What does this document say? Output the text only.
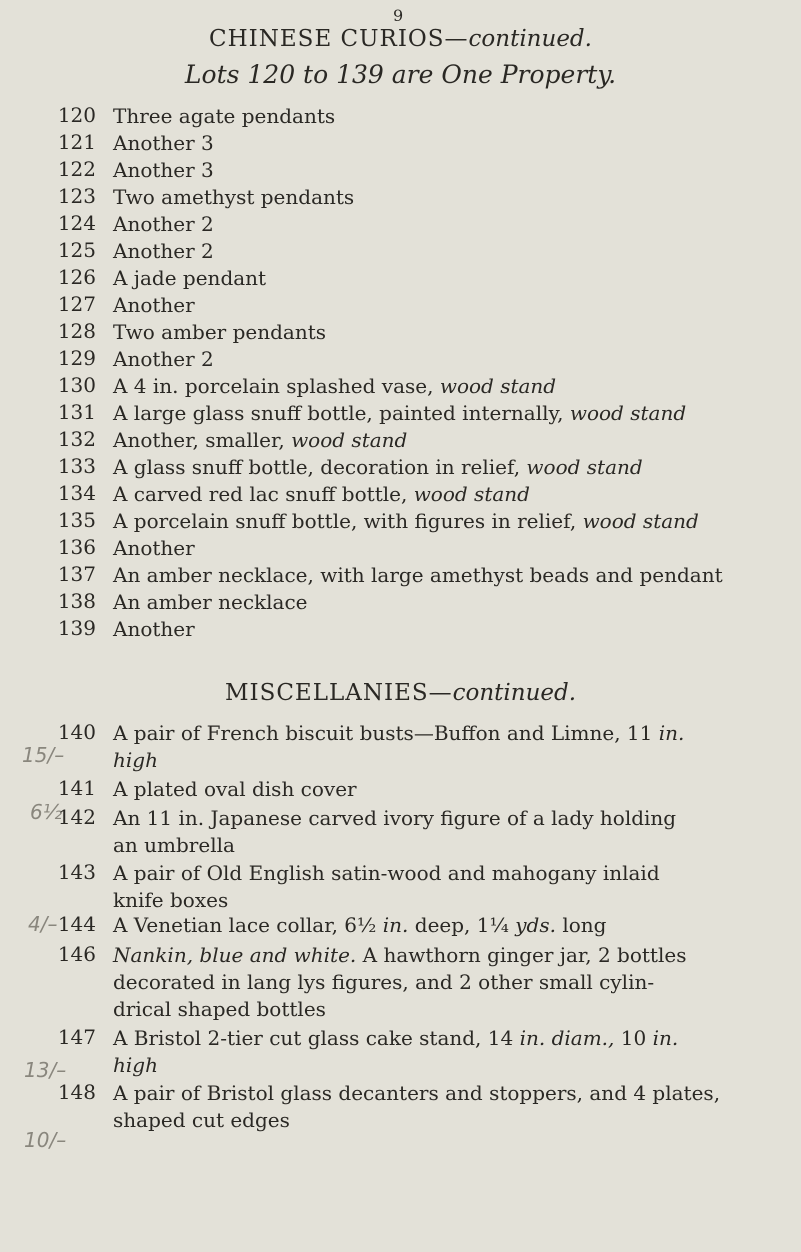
9
CHINESE CURIOS—continued.
Lots 120 to 139 are One Property.
120 Three agate pendants
121 Another 3
122 Another 3
123 Two amethyst pendants
124 Another 2
125 Another 2
126 A jade pendant
127 Another
128 Two amber pendants
129 Another 2
130 A 4 in. porcelain splashed vase, wood stand
131 A large glass snuff bottle, painted internally, wood stand
132 Another, smaller, wood stand
133 A glass snuff bottle, decoration in relief, wood stand
134 A carved red lac snuff bottle, wood stand
135 A porcelain snuff bottle, with figures in relief, wood stand
136 Another
137 An amber necklace, with large amethyst beads and pendant
138 An amber necklace
139 Another
MISCELLANIES—continued.
140 A pair of French biscuit busts—Buffon and Limne, 11 in.
high
141 A plated oval dish cover
142 An 11 in. Japanese carved ivory figure of a lady holding
an umbrella
143 A pair of Old English satin-wood and mahogany inlaid
knife boxes
144 A Venetian lace collar, 6½ in. deep, 1¼ yds. long
146 Nankin, blue and white. A hawthorn ginger jar, 2 bottles
decorated in lang lys figures, and 2 other small cylin-
drical shaped bottles
147 A Bristol 2-tier cut glass cake stand, 14 in. diam., 10 in.
high
148 A pair of Bristol glass decanters and stoppers, and 4 plates,
shaped cut edges
15/–
6½
4/–
13/–
10/–
